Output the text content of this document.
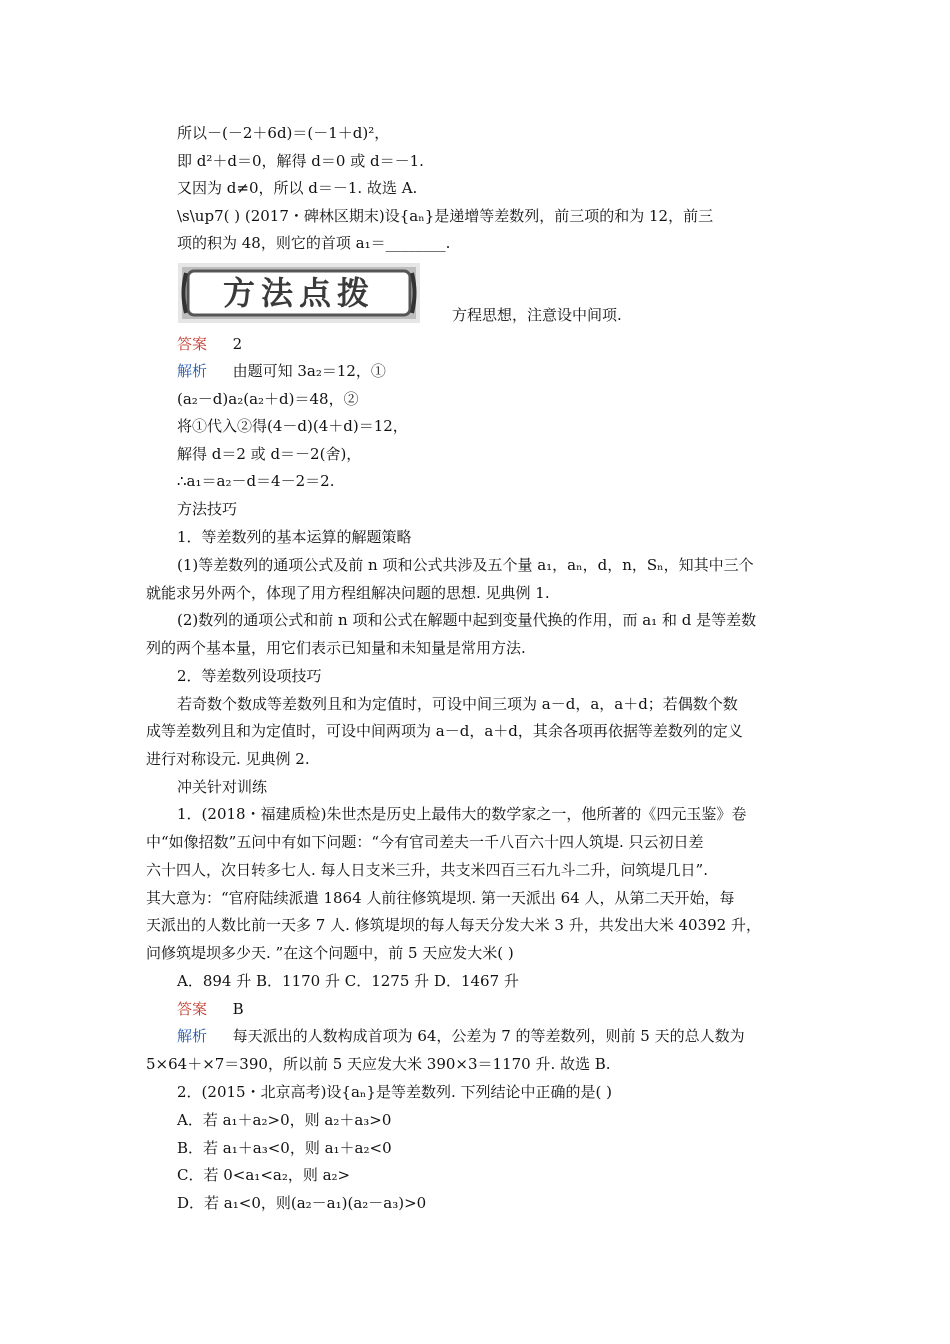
所以－(－2＋6d)＝(－1＋d)²，
即 d²＋d＝0，解得 d＝0 或 d＝－1.
又因为 d≠0，所以 d＝－1. 故选 A.
\s\up7( ) (2017・碑林区期末)设{aₙ}是递增等差数列，前三项的和为 12，前三
项的积为 48，则它的首项 a₁＝________.
方法点拨
方程思想，注意设中间项.
答案 2
解析 由题可知 3a₂＝12，①
(a₂－d)a₂(a₂＋d)＝48，②
将①代入②得(4－d)(4＋d)＝12，
解得 d＝2 或 d＝－2(舍)，
∴a₁＝a₂－d＝4－2＝2.
方法技巧
1．等差数列的基本运算的解题策略
(1)等差数列的通项公式及前 n 项和公式共涉及五个量 a₁，aₙ，d，n，Sₙ，知其中三个
就能求另外两个，体现了用方程组解决问题的思想. 见典例 1.
(2)数列的通项公式和前 n 项和公式在解题中起到变量代换的作用，而 a₁ 和 d 是等差数
列的两个基本量，用它们表示已知量和未知量是常用方法.
2．等差数列设项技巧
若奇数个数成等差数列且和为定值时，可设中间三项为 a－d，a，a＋d；若偶数个数
成等差数列且和为定值时，可设中间两项为 a－d，a＋d，其余各项再依据等差数列的定义
进行对称设元. 见典例 2.
冲关针对训练
1．(2018・福建质检)朱世杰是历史上最伟大的数学家之一，他所著的《四元玉鉴》卷
中“如像招数”五问中有如下问题：“今有官司差夫一千八百六十四人筑堤. 只云初日差
六十四人，次日转多七人. 每人日支米三升，共支米四百三石九斗二升，问筑堤几日”.
其大意为：“官府陆续派遣 1864 人前往修筑堤坝. 第一天派出 64 人，从第二天开始，每
天派出的人数比前一天多 7 人. 修筑堤坝的每人每天分发大米 3 升，共发出大米 40392 升，
问修筑堤坝多少天. ”在这个问题中，前 5 天应发大米( )
A．894 升 B．1170 升 C．1275 升 D．1467 升
答案 B
解析 每天派出的人数构成首项为 64，公差为 7 的等差数列，则前 5 天的总人数为
5×64＋×7＝390，所以前 5 天应发大米 390×3＝1170 升. 故选 B.
2．(2015・北京高考)设{aₙ}是等差数列. 下列结论中正确的是( )
A．若 a₁＋a₂>0，则 a₂＋a₃>0
B．若 a₁＋a₃<0，则 a₁＋a₂<0
C．若 0<a₁<a₂，则 a₂>
D．若 a₁<0，则(a₂－a₁)(a₂－a₃)>0
